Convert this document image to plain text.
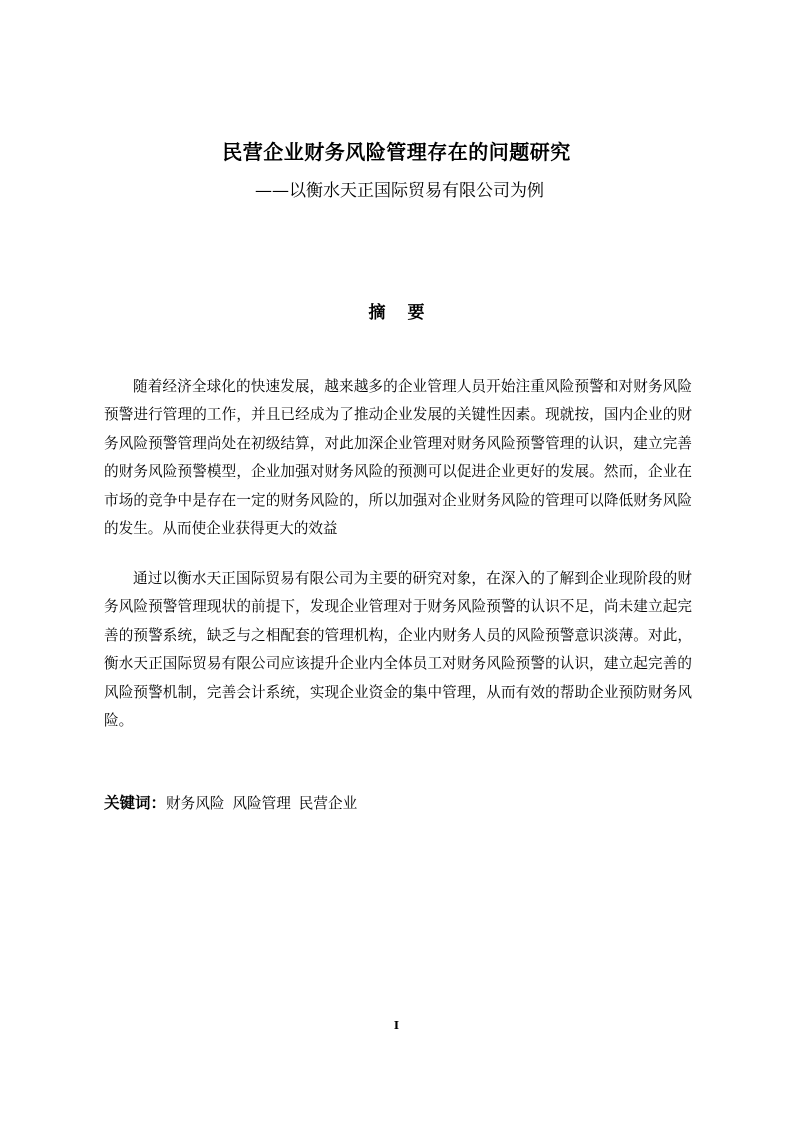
民营企业财务风险管理存在的问题研究
——以衡水天正国际贸易有限公司为例
摘 要

随着经济全球化的快速发展，越来越多的企业管理人员开始注重风险预警和对财务风险预警进行管理的工作，并且已经成为了推动企业发展的关键性因素。现就按，国内企业的财务风险预警管理尚处在初级结算，对此加深企业管理对财务风险预警管理的认识，建立完善的财务风险预警模型，企业加强对财务风险的预测可以促进企业更好的发展。然而，企业在市场的竞争中是存在一定的财务风险的，所以加强对企业财务风险的管理可以降低财务风险的发生。从而使企业获得更大的效益

通过以衡水天正国际贸易有限公司为主要的研究对象，在深入的了解到企业现阶段的财务风险预警管理现状的前提下，发现企业管理对于财务风险预警的认识不足，尚未建立起完善的预警系统，缺乏与之相配套的管理机构，企业内财务人员的风险预警意识淡薄。对此，衡水天正国际贸易有限公司应该提升企业内全体员工对财务风险预警的认识，建立起完善的风险预警机制，完善会计系统，实现企业资金的集中管理，从而有效的帮助企业预防财务风险。

关键词：财务风险 风险管理 民营企业
I
